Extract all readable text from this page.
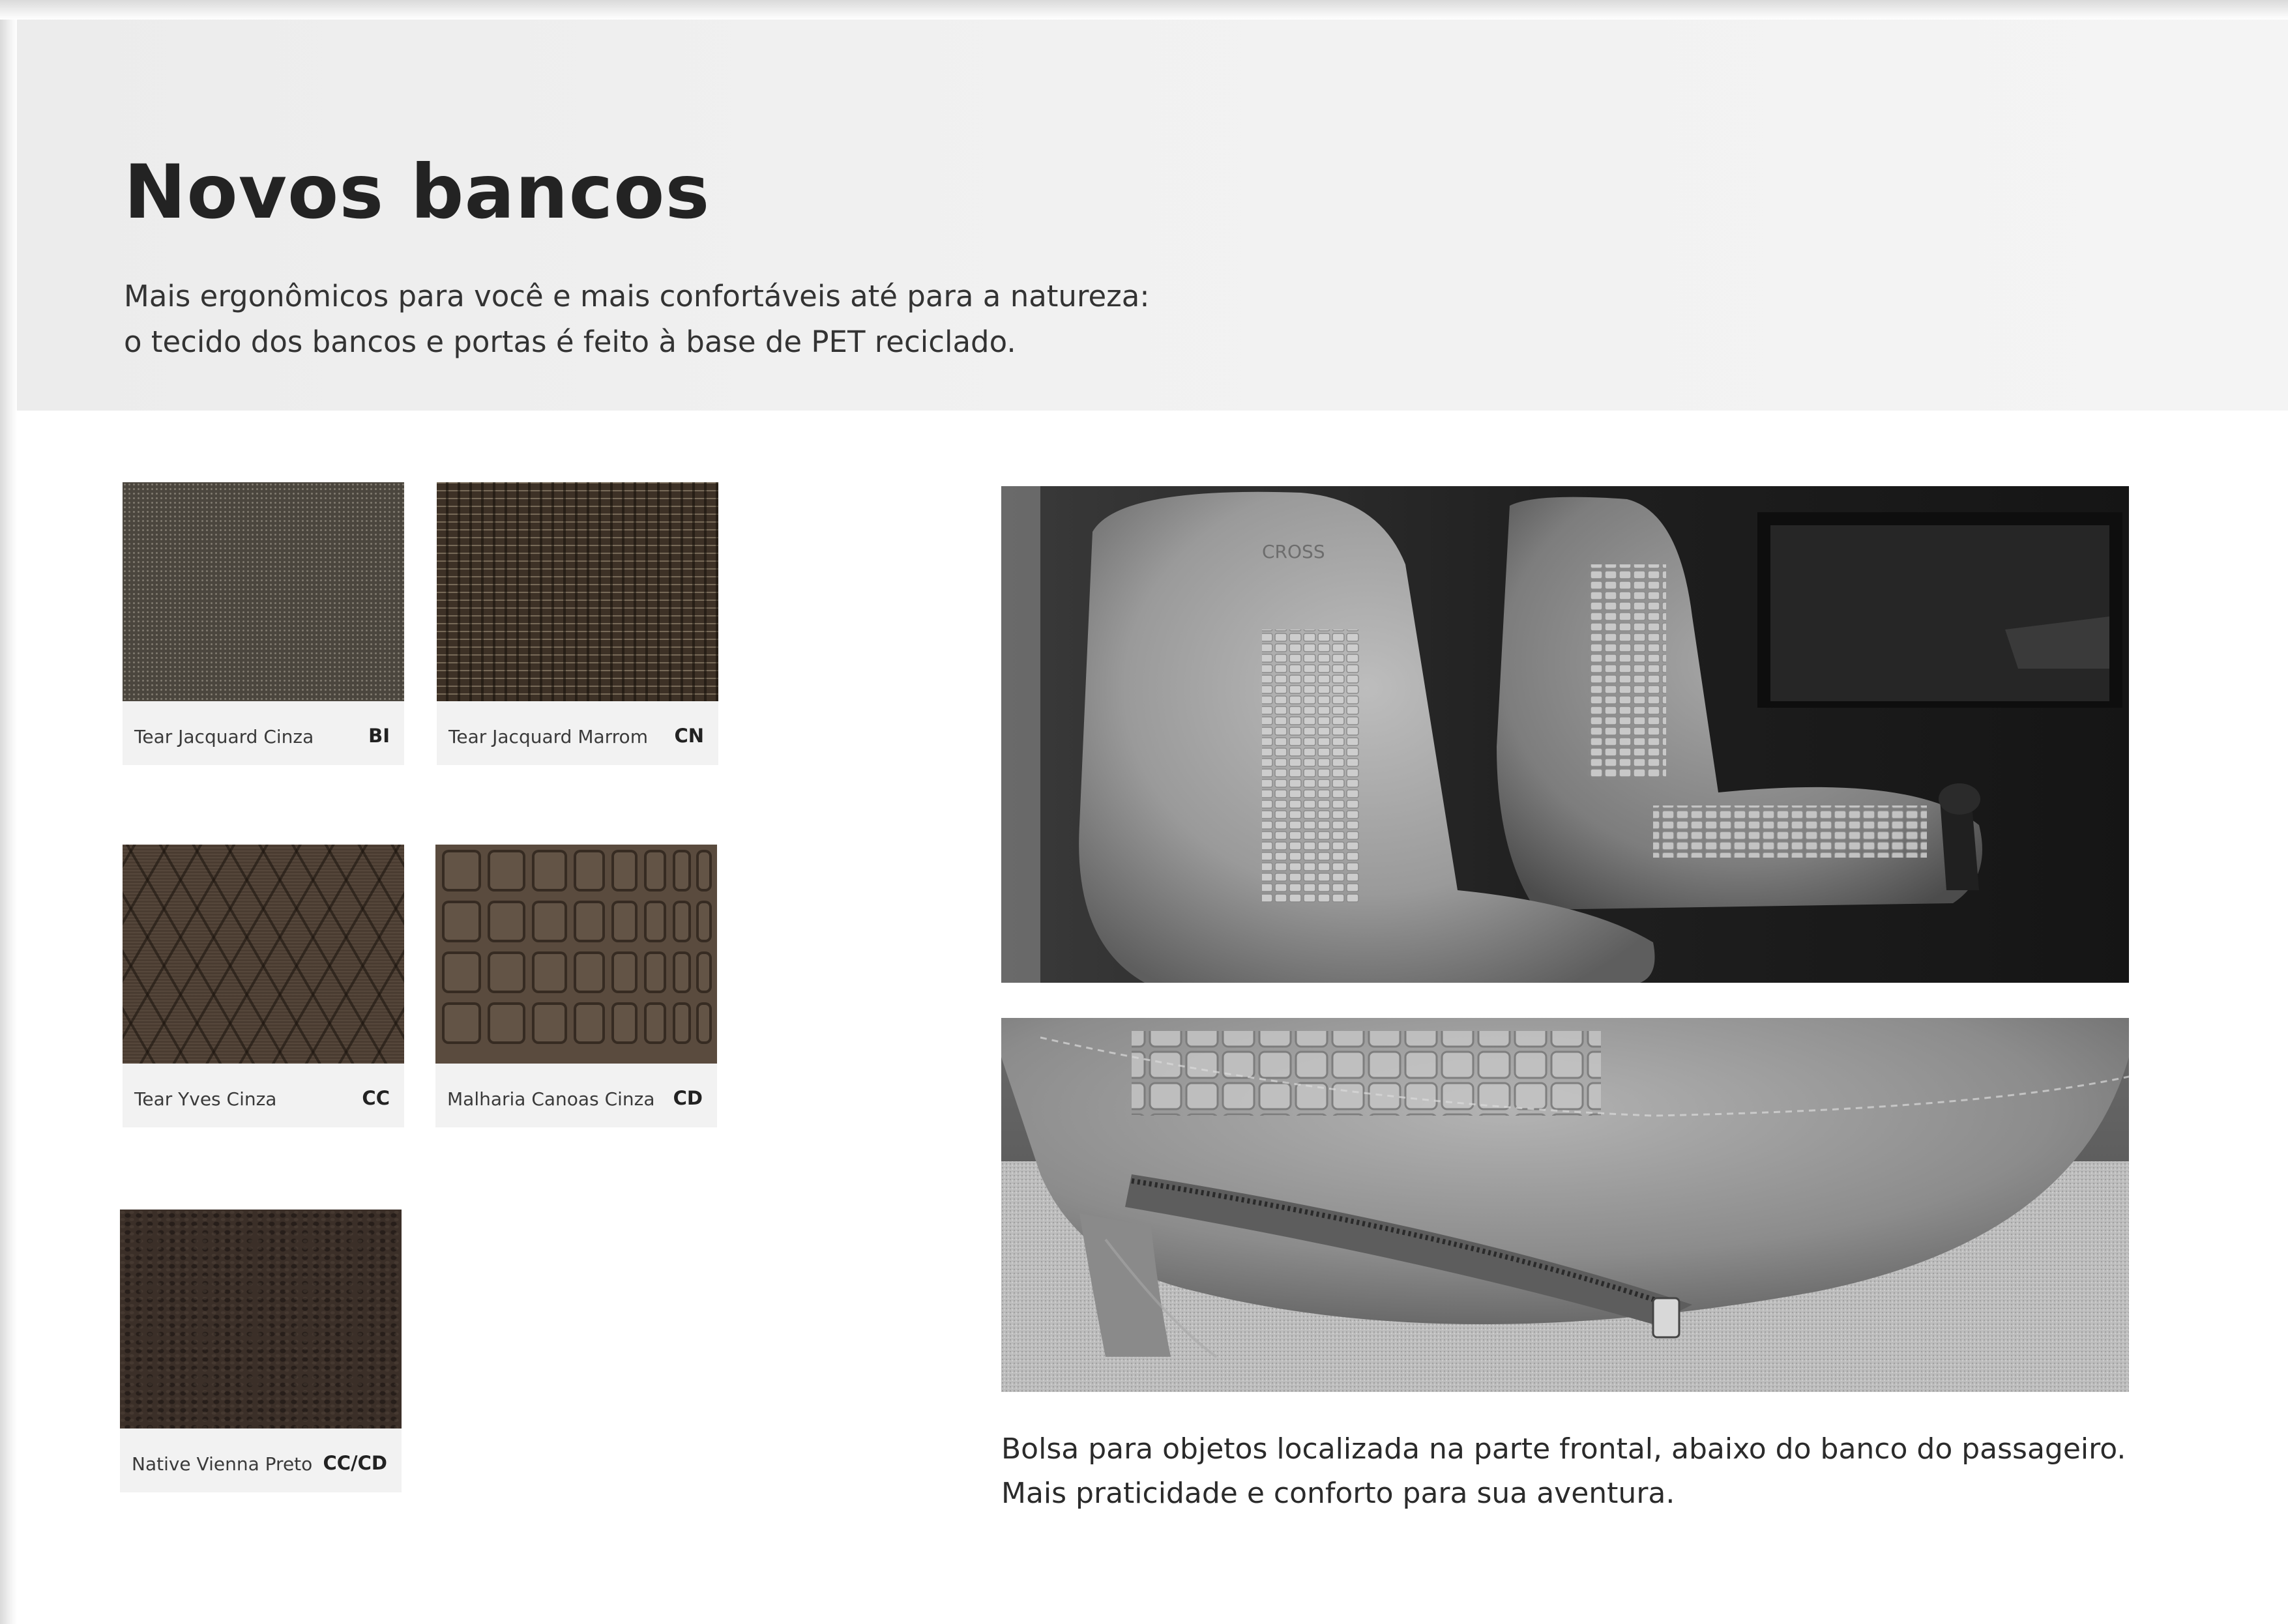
Novos bancos

Mais ergonômicos para você e mais confortáveis até para a natureza:
o tecido dos bancos e portas é feito à base de PET reciclado.

Tear Jacquard Cinza	BI	Tear Jacquard Marrom CN
Tear Yves Cinza	CC	Malharia Canoas Cinza CD
Native Vienna Preto CC/CD
CROSS

Bolsa para objetos localizada na parte frontal, abaixo do banco do passageiro.
Mais praticidade e conforto para sua aventura.
